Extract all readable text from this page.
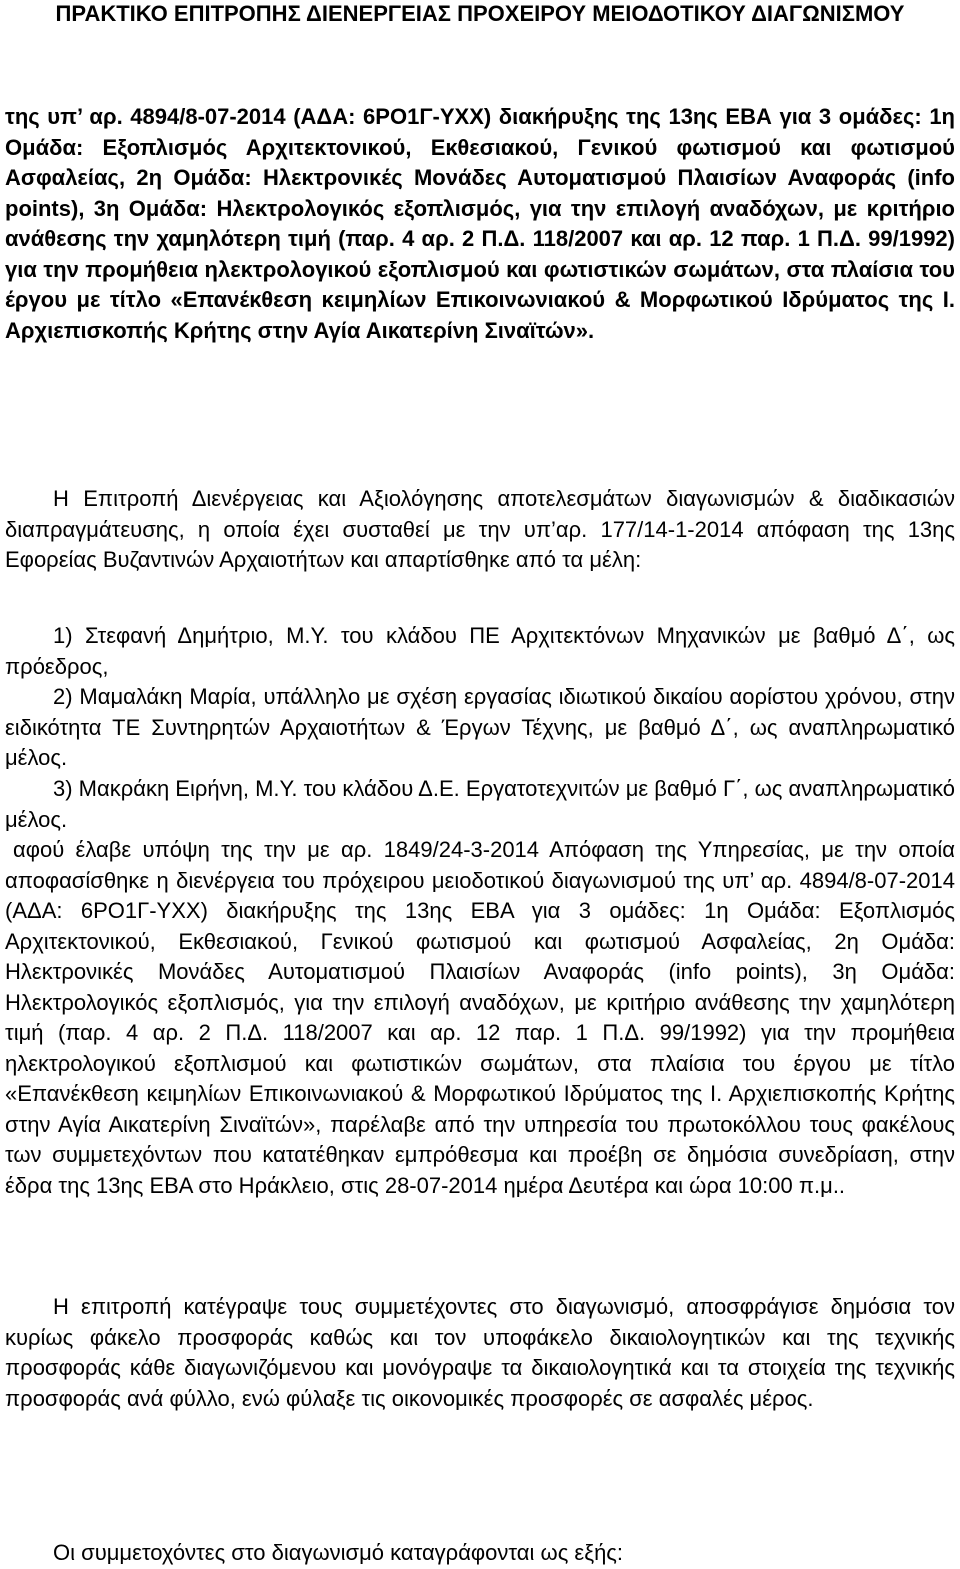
ΠΡΑΚΤΙΚΟ ΕΠΙΤΡΟΠΗΣ ΔΙΕΝΕΡΓΕΙΑΣ ΠΡΟΧΕΙΡΟΥ ΜΕΙΟΔΟΤΙΚΟΥ ΔΙΑΓΩΝΙΣΜΟΥ

της υπ’ αρ. 4894/8-07-2014 (ΑΔΑ: 6ΡΟ1Γ-ΥΧΧ) διακήρυξης της 13ης ΕΒΑ για 3 ομάδες: 1η Ομάδα: Εξοπλισμός Αρχιτεκτονικού, Εκθεσιακού, Γενικού φωτισμού και φωτισμού Ασφαλείας, 2η Ομάδα: Ηλεκτρονικές Μονάδες Αυτοματισμού Πλαισίων Αναφοράς (info points), 3η Ομάδα: Ηλεκτρολογικός εξοπλισμός, για την επιλογή αναδόχων, με κριτήριο ανάθεσης την χαμηλότερη τιμή (παρ. 4 αρ. 2 Π.Δ. 118/2007 και αρ. 12 παρ. 1 Π.Δ. 99/1992) για την προμήθεια ηλεκτρολογικού εξοπλισμού και φωτιστικών σωμάτων, στα πλαίσια του έργου με τίτλο «Επανέκθεση κειμηλίων Επικοινωνιακού & Μορφωτικού Ιδρύματος της Ι. Αρχιεπισκοπής Κρήτης στην Αγία Αικατερίνη Σιναϊτών».

Η Επιτροπή Διενέργειας και Αξιολόγησης αποτελεσμάτων διαγωνισμών & διαδικασιών διαπραγμάτευσης, η οποία έχει συσταθεί με την υπ’αρ. 177/14-1-2014 απόφαση της 13ης Εφορείας Βυζαντινών Αρχαιοτήτων και απαρτίσθηκε από τα μέλη:

1) Στεφανή Δημήτριο, Μ.Υ. του κλάδου ΠΕ Αρχιτεκτόνων Μηχανικών με βαθμό Δ΄, ως πρόεδρος,

2) Μαμαλάκη Μαρία, υπάλληλο με σχέση εργασίας ιδιωτικού δικαίου αορίστου χρόνου, στην ειδικότητα ΤΕ Συντηρητών Αρχαιοτήτων & Έργων Τέχνης, με βαθμό Δ΄, ως αναπληρωματικό μέλος.

3) Μακράκη Ειρήνη, Μ.Υ. του κλάδου Δ.Ε. Εργατοτεχνιτών με βαθμό Γ΄, ως αναπληρωματικό μέλος.

αφού έλαβε υπόψη της την με αρ. 1849/24-3-2014 Απόφαση της Υπηρεσίας, με την οποία αποφασίσθηκε η διενέργεια του πρόχειρου μειοδοτικού διαγωνισμού της υπ’ αρ. 4894/8-07-2014 (ΑΔΑ: 6ΡΟ1Γ-ΥΧΧ) διακήρυξης της 13ης ΕΒΑ για 3 ομάδες: 1η Ομάδα: Εξοπλισμός Αρχιτεκτονικού, Εκθεσιακού, Γενικού φωτισμού και φωτισμού Ασφαλείας, 2η Ομάδα: Ηλεκτρονικές Μονάδες Αυτοματισμού Πλαισίων Αναφοράς (info points), 3η Ομάδα: Ηλεκτρολογικός εξοπλισμός, για την επιλογή αναδόχων, με κριτήριο ανάθεσης την χαμηλότερη τιμή (παρ. 4 αρ. 2 Π.Δ. 118/2007 και αρ. 12 παρ. 1 Π.Δ. 99/1992) για την προμήθεια ηλεκτρολογικού εξοπλισμού και φωτιστικών σωμάτων, στα πλαίσια του έργου με τίτλο «Επανέκθεση κειμηλίων Επικοινωνιακού & Μορφωτικού Ιδρύματος της Ι. Αρχιεπισκοπής Κρήτης στην Αγία Αικατερίνη Σιναϊτών», παρέλαβε από την υπηρεσία του πρωτοκόλλου τους φακέλους των συμμετεχόντων που κατατέθηκαν εμπρόθεσμα και προέβη σε δημόσια συνεδρίαση, στην έδρα της 13ης ΕΒΑ στο Ηράκλειο, στις 28-07-2014 ημέρα Δευτέρα και ώρα 10:00 π.μ..

Η επιτροπή κατέγραψε τους συμμετέχοντες στο διαγωνισμό, αποσφράγισε δημόσια τον κυρίως φάκελο προσφοράς καθώς και τον υποφάκελο δικαιολογητικών και της τεχνικής προσφοράς κάθε διαγωνιζόμενου και μονόγραψε τα δικαιολογητικά και τα στοιχεία της τεχνικής προσφοράς ανά φύλλο, ενώ φύλαξε τις οικονομικές προσφορές σε ασφαλές μέρος.

Οι συμμετοχόντες στο διαγωνισμό καταγράφονται ως εξής:
